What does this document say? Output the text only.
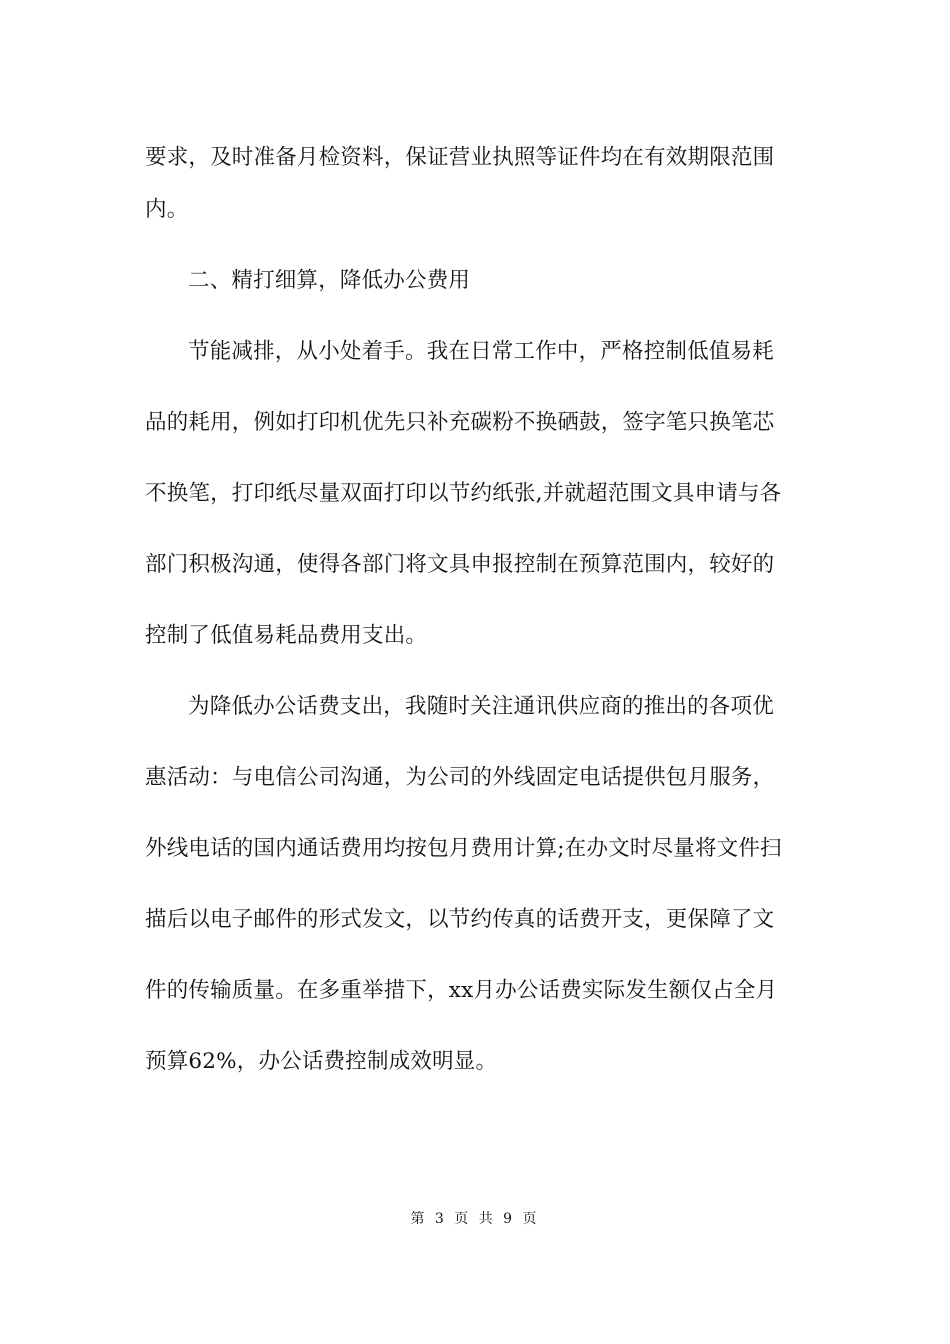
要求，及时准备月检资料，保证营业执照等证件均在有效期限范围
内。
二、精打细算，降低办公费用
节能减排，从小处着手。我在日常工作中，严格控制低值易耗
品的耗用，例如打印机优先只补充碳粉不换硒鼓，签字笔只换笔芯
不换笔，打印纸尽量双面打印以节约纸张,并就超范围文具申请与各
部门积极沟通，使得各部门将文具申报控制在预算范围内，较好的
控制了低值易耗品费用支出。
为降低办公话费支出，我随时关注通讯供应商的推出的各项优
惠活动：与电信公司沟通，为公司的外线固定电话提供包月服务，
外线电话的国内通话费用均按包月费用计算;在办文时尽量将文件扫
描后以电子邮件的形式发文，以节约传真的话费开支，更保障了文
件的传输质量。在多重举措下，xx月办公话费实际发生额仅占全月
预算62%，办公话费控制成效明显。
第 3 页 共 9 页
